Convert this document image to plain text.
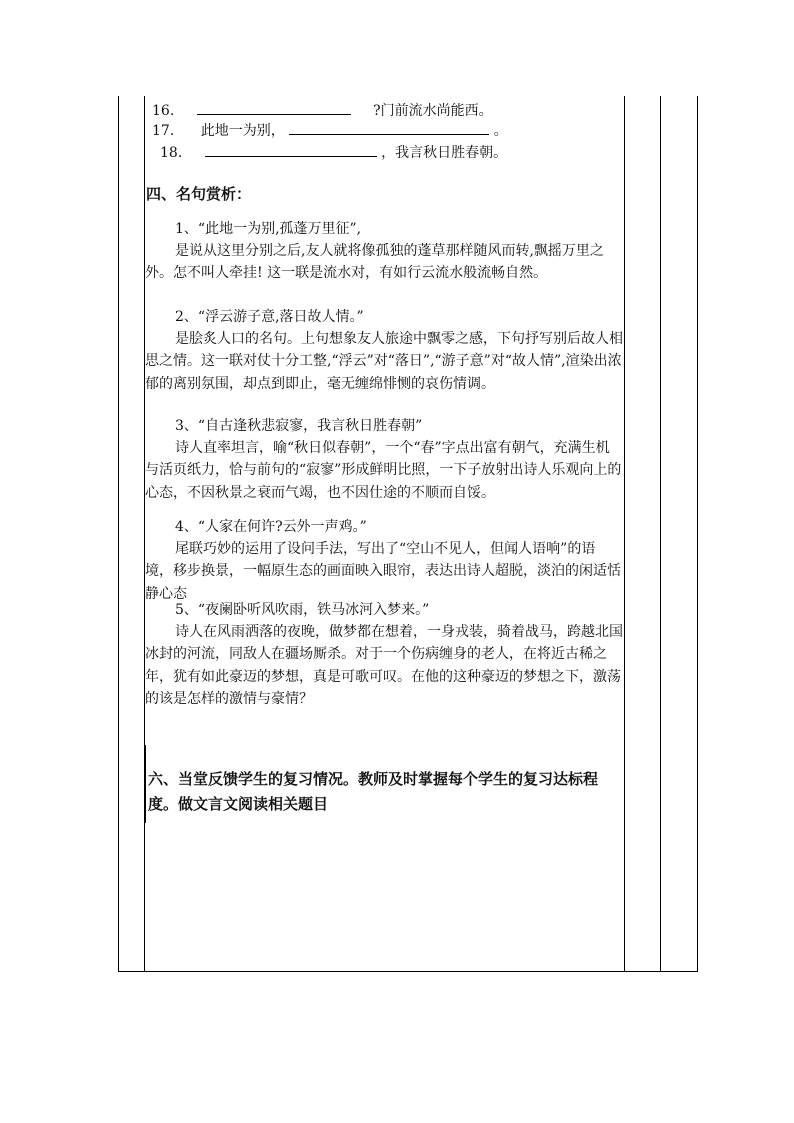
16.	?门前流水尚能西。
17. 此地一为别，	。
18.	，我言秋日胜春朝。
四、名句赏析：
1、“此地一为别,孤蓬万里征”,
是说从这里分别之后,友人就将像孤独的蓬草那样随风而转,飘摇万里之外。怎不叫人牵挂! 这一联是流水对，有如行云流水般流畅自然。
2、“浮云游子意,落日故人情。”
是脍炙人口的名句。上句想象友人旅途中飘零之感，下句抒写别后故人相思之情。这一联对仗十分工整,“浮云”对“落日”,“游子意”对“故人情”,渲染出浓郁的离别氛围，却点到即止，毫无缠绵悱恻的哀伤情调。
3、“自古逢秋悲寂寥，我言秋日胜春朝”
诗人直率坦言，喻“秋日似春朝”，一个“春”字点出富有朝气，充满生机与活页纸力，恰与前句的“寂寥”形成鲜明比照，一下子放射出诗人乐观向上的心态，不因秋景之衰而气竭，也不因仕途的不顺而自馁。
4、“人家在何许?云外一声鸡。”
尾联巧妙的运用了设问手法，写出了“空山不见人，但闻人语响”的语境，移步换景，一幅原生态的画面映入眼帘，表达出诗人超脱，淡泊的闲适恬静心态
5、“夜阑卧听风吹雨，铁马冰河入梦来。”
诗人在风雨洒落的夜晚，做梦都在想着，一身戎装，骑着战马，跨越北国冰封的河流，同敌人在疆场厮杀。对于一个伤病缠身的老人，在将近古稀之年，犹有如此豪迈的梦想，真是可歌可叹。在他的这种豪迈的梦想之下，激荡的该是怎样的激情与豪情？
六、当堂反馈学生的复习情况。教师及时掌握每个学生的复习达标程度。做文言文阅读相关题目
